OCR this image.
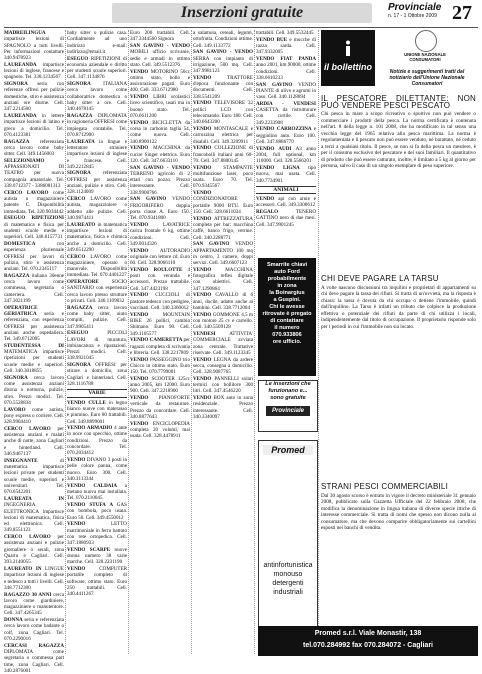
Inserzioni gratuite	Provinciale
n. 17 - 1 Ottobre 2009 27

MADREILINGUA impartisce lezioni di SPAGNOLO a tutti livelli. Per informazioni contattare 340.9478923

LAUREANDA impartisce lezioni di inglese, francese e spagnolo. Tel. 338.1234567

SIGNORA seria con referenze offresi per pulizie domestiche, stiro e assistenza anziani ore diurne. Cell. 347.2214500

LAUREANDA in lettere impartisce lezioni di latino e greco a domicilio. Tel. 070.4123381

RAGAZZA referenziata cerca lavoro come baby sitter. Cell. 349.1456003

SELEZIONIAMO APPASSIONATI DI TEATRO per nuova compagnia amatoriale. Tel. 338.0712377 - 3386081313

CERCO LAVORO come autista o magazziniere patente C. Disponibilità immediata. Tel. 320.9034442

ESEGUO RIPETIZIONI di matematica e fisica per studenti scuole medie e superiori. Cell. 346.6157731

DOMESTICA con esperienza pluriennale OFFRESI per lavori di pulizia, stiro e assistenza anziani. Tel. 070.2345117

RAGAZZA italiana 30enne cerca lavoro come commessa, segretaria o cameriera. Cell. 347.3021199

OPERATRICE GERIATRICA seria e referenziata, con esperienza OFFRESI per assistenza anziani anche ospedaliera. Tel. 349.6712005

STUDENTESSA DI MATEMATICA impartisce ripetizioni per studenti scuole medie e superiori. Cell. 340.3018855

SIGNORA cerca lavoro come assistenza anziani diurna o notturna, pulizie, stiro. Prezzi modici. Tel. 070.5528834

LAVORO come autista, pony express o corriere. Cell. 328.9904410

CERCO LAVORO per assistenza anziani e malati anche di notte, zona Cagliari e hinterland. Cell. 346.9467137

INSEGNANTE di matematica impartisce lezioni private per studenti scuole medie, superiori e universitari. Tel. 070.6542201

LAUREATA IN INGEGNERIA ELETTRONICA impartisce lezioni di matematica, fisica ed elettronica. Cell. 349.8551123

CERCO LAVORO per assistenza anziani e pulizie giornaliere o serali, zona Quartu e Cagliari. Cell. 393.2140055

LAUREATO IN LINGUE impartisce lezioni di inglese e tedesco a tutti i livelli. Cell. 348.7712300

RAGAZZO 30 ANNI cerca lavoro come giardiniere, magazziniere o manutentore. Cell. 347.4265345

DONNA seria e referenziata cerca lavoro come badante o colf, zona Cagliari. Tel. 070.2290016

CERCASI RAGAZZA DIPLOMATA come segretaria o commessa part time, zona Cagliari. Cell. 340.2876001

baby sitter o pulizie casa. Cordialmente ad uno indirizzo e-mail: indirizzo@email.it

ESEGUO RIPETIZIONI di economia aziendale e diritto per studenti scuole superiori. Cell. 347.1134876

SIGNORA ITALIANA cerca lavoro come collaboratrice domestica o baby sitter a ore. Cell. 340.4678145

RAGAZZA DIPLOMATA in ragioneria OFFRESI come impiegata contabile. Tel. 070.8712900

LAUREATA in lingue e letterature straniere impartisce lezioni di inglese e francese. Cell. 349.2212845

SIGNORA referenziata OFFRESI per assistenza anziani, pulizie e stiro. Cell. 328.1124009

CERCO LAVORO come autista, magazziniere o addetto alle pulizie. Cell. 340.9874411

LAUREATO in matematica impartisce lezioni di matematica, fisica e chimica anche a domicilio. Cell. 349.6512290

CERCO LAVORO come magazziniere, operaio o manovale. Disponibilità immediata. Tel. 070.4401227

OPERATORE SOCIO SANITARIO con esperienza cerca lavoro presso strutture o privati. Cell. 346.1109832

RAGAZZA cerca lavoro come baby sitter, aiuto compiti, pulizie. Cell. 347.9905411

ESEGUO PICCOLI LAVORI di muratura, imbiancatura e riparazioni. Prezzi modici. Cell. 338.9921045

SIGNORA OFFRESI per stirare a domicilio, zona Cagliari e hinterland. Cell. 328.1116788

VARIE

VENDO CULLE in legno bianco nuove con materasso e piumino. Euro 80 trattabili. Cell. 349.8899001

VENDO ARMADIO 4 ante in noce con specchio, ottime condizioni. Prezzo da concordare. Tel. 070.2034412

VENDO DIVANO 3 posti in pelle colore panna, come nuovo. Euro 300. Cell. 340.3113344

VENDO CALDAIA a metano nuova mai installata. Tel. 070.2110045

VENDO STUFA A GAS con bombola, poco usata. Euro 50. Cell. 349.4550012

VENDO LETTO matrimoniale in ferro battuto con rete ortopedica. Cell. 347.1880933

VENDO SCARPE nuove donna numero 38 varie marche. Cell. 328.2231190

VENDO COMPUTER portatile completo di software, ottimo stato. Euro 250 trattabili. Cell. 340.4411267

Euro 200 trattabili. Cell. 347.3344560 Signora

SAN GAVINO - VENDO MOBILI ufficio scrivanie, sedie e armadi in ottimo stato. Cell. 349.5512376

VENDO MOTORINO 50cc ottimo stato, bollo e assicurazione pagati. Euro 400. Cell. 333.6712980

VENDO LIBRI scolastici liceo scientifico, usati ma in buono stato. Tel. 070.6611200

VENDO BICICLETTA da corsa in carbonio taglia 54, come nuova. Cell. 340.8900122

VENDO MACCHINA da cucire Singer elettrica. Euro 120. Cell. 347.6633110

SAN GAVINO - VENDO TERRENO agricolo di 2 ettari con pozzo. Prezzo interessante. Cell. 338.9908766

SAN GAVINO VENDO FRIGORIFERO doppia porta classe A. Euro 150. Tel. 070.9341800

VENDO LAVATRICE carica frontale 6 kg, ottime condizioni. Cell. 349.0014326

VENDO AUTORADIO originale con lettore cd. Euro 60. Cell. 328.9066110

VENDO ROULOTTE 4 posti con veranda e accessori. Prezzo trattabile. Cell. 347.4423198

VENDO CUCCIOLI di pastore tedesco con pedigree, vaccinati. Cell. 340.3360012

VENDO MOUNTAIN BIKE 26 pollici, cambio Shimano. Euro 90. Cell. 349.1105577

VENDO CAMERETTA per ragazzi completa di scrivania e libreria. Cell. 338.2217809

VENDO PASSEGGINO trio Chicco in ottimo stato. Euro 150. Tel. 070.7799001

VENDO SCOOTER 125cc anno 2005, km 12000. Euro 900. Cell. 347.2218900

VENDO PIANOFORTE verticale da restaurare. Prezzo da concordare. Cell. 340.8877643

VENDO ENCICLOPEDIA completa 20 volumi, mai usata. Cell. 328.4478911

a salamoia, cereali, legumi, ortofrutta. Condizioni ottime. Cell. 349.1133772

SAN GAVINO - VENDO SERRA con impianto di irrigazione, 500 mq. Cell. 347.9981123

VENDO TRATTORE d'epoca funzionante con documenti. Cell. 338.5541209

VENDO TELEVISORE 32 pollici LCD con telecomando. Euro 180. Cell. 340.6643200

VENDO MONTASCALE e carrozzina elettrica per disabili. Cell. 349.3209911

VENDO COLLEZIONE di francobolli italiani anni 60-70. Cell. 347.8800145

VENDO STAMPANTE multifunzione laser, poco usata. Euro 70. Tel. 070.9345567

VENDO CONDIZIONATORE portatile 9000 BTU. Euro 150. Cell. 328.6611034

VENDO ATTREZZATURA completa per bar: macchina caffè, banco frigo, vetrine. Cell. 340.2288771

SAN GAVINO VENDO APPARTAMENTO 100 mq in centro, 3 camere, doppi servizi. Cell. 349.6607123

VENDO MACCHINA fotografica reflex digitale con obiettivi. Cell. 347.1290864

VENDO CAVALLO di 6 anni, docile, adatto anche ai bambini. Cell. 338.7712004

VENDO GOMMONE 4,5 m con motore 25 cv e carrello. Cell. 340.5509128

VENDESI ATTIVITA' COMMERCIALE avviata zona centrale. Trattative riservate. Cell. 349.1123345

VENDO LEGNA da ardere secca, consegna a domicilio. Cell. 328.9087765

VENDO PANNELLI solari termici con bollitore 300 litri. Cell. 347.4546220

VENDO BOX auto in zona residenziale. Prezzo interessante. Cell. 340.3340097

trattabili. Cell. 349.5532445

VENDO BUE e mucche di razza sarda. Cell. 347.9332005

VENDO FIAT PANDA anno 2001, km 90000, ottime condizioni. Cell. 338.6610233

SAN GAVINO VENDO PIANTE di ulivo e agrumi in vaso. Cell. 340.1128894

ARDIA - VENDESI CASETTA da ristrutturare con cortile. Cell. 349.2233908

VENDO CARROZZINA e seggiolino auto. Euro 100. Cell. 347.8886770

VENDO AUDI A3 anno 2004, full optional, km 110000. Cell. 328.5566201

VENDO LIGNA tipo nuova, mai usata. Cell. 340.7734901

ANIMALI

VENDO api con arnie e accessori. Cell. 349.3300612

REGALO TENERO GATTINO nero di due mesi. Cell. 347.9901245

Smarrite chiavi
auto Ford
probabilmente
in zona
la Boinargius
a Guspini.
Chi le avesse
ritrovate è pregato
di contattare
il numero
070.933806
ore ufficio.
Le inserzioni che
funzionano e...
sono gratuite
Provinciale
il bollettino
UNIONE NAZIONALE CONSUMATORI
Notizie e suggerimenti tratti dal notiziario dell'Unione Nazionale Consumatori
IL PESCATORE DILETTANTE: NON PUÒ VENDERE PESCI PESCATO

Chi pesca in mare a scopo ricreativo o sportivo non può vendere o commerciare i prodotti della pesca. La norma certificata è contenuta nell'art. 8 della legge n. 101 2008, che ha modificato in tal senso una vecchia legge del 1965 relativa alla pesca marittima. La norma è regolamentata e il pescato non può essere venduto, né barattato, né ceduto a terzi a qualsiasi titolo. Il pesce, se non si fa della pesca un mestiere, è per il consumo esclusivo del pescatore e dei suoi familiari. Il quantitativo di prodotto che può essere catturato, inoltre, è limitato a 5 kg al giorno per persona, salvo il caso di un singolo esemplare di peso superiore.

CHI DEVE PAGARE LA TARSU

A volte nascono discussioni tra inquilini e proprietari di appartamenti su chi deve pagare la tassa dei rifiuti. Si tratta di un'ovvietà, ma la risposta è chiara: la tassa è dovuta da chi occupa o detiene l'immobile, quindi dall'inquilino. La Tarsu è infatti un tributo che colpisce la produzione effettiva o potenziale dei rifiuti da parte di chi utilizza i locali, indipendentemente dal titolo di occupazione. Il proprietario risponde solo per i periodi in cui l'immobile non sia locato.

STRANI PESCI COMMERCIABILI

Dal 30 agosto scorso è entrato in vigore il decreto ministeriale 31 gennaio 2008, pubblicato sulla Gazzetta Ufficiale del 22 febbraio 2008, che modifica la denominazione in lingua italiana di diverse specie ittiche di interesse commerciale. Si tratta di nomi che spesso non dicono nulla al consumatore, ma che devono comparire obbligatoriamente sui cartellini esposti nei banchi di vendita.

Promed
antinfortunistica
monouso
detergenti
industriali
Promed s.r.l. Viale Monastir, 138
tel.070.284992 fax 070.284072 - Cagliari
